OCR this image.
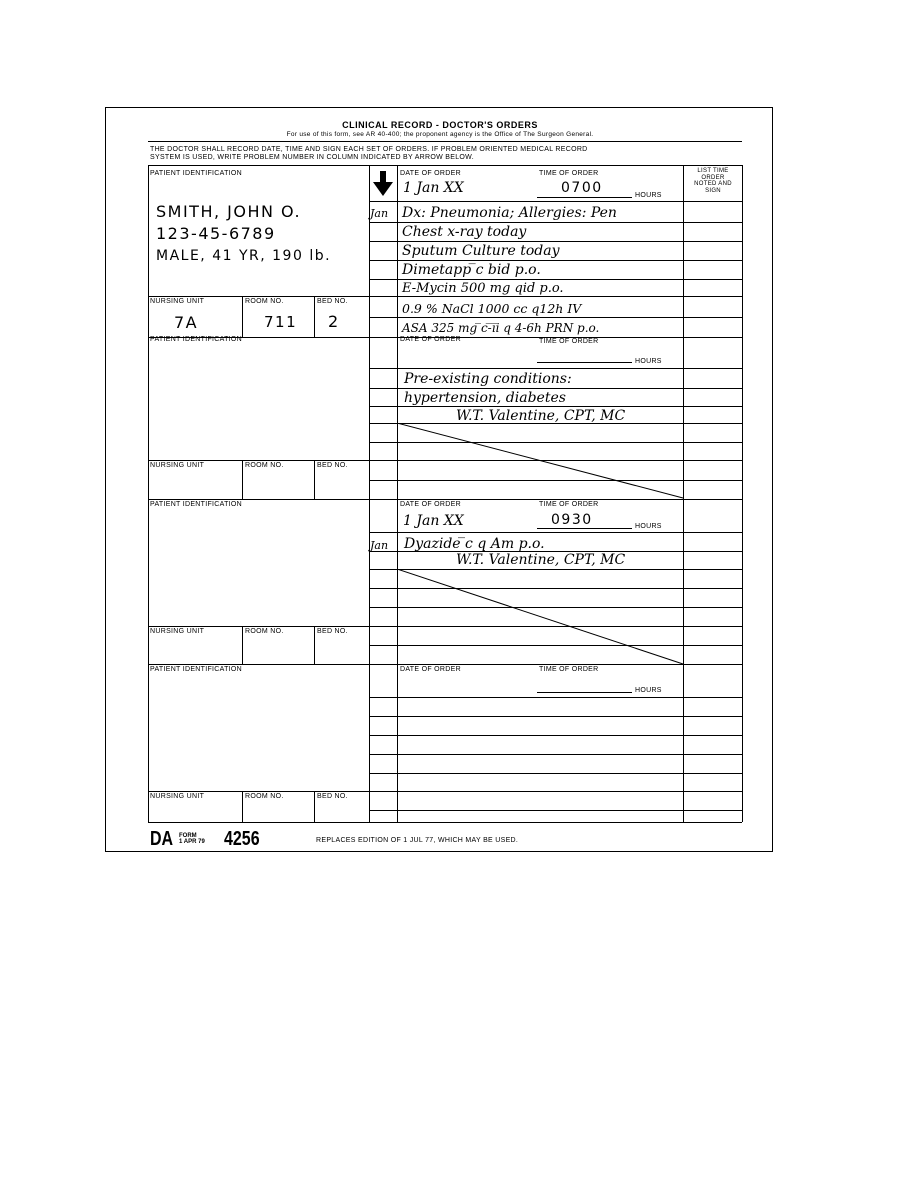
CLINICAL RECORD - DOCTOR'S ORDERS
For use of this form, see AR 40-400; the proponent agency is the Office of The Surgeon General.
THE DOCTOR SHALL RECORD DATE, TIME AND SIGN EACH SET OF ORDERS. IF PROBLEM ORIENTED MEDICAL RECORD
SYSTEM IS USED, WRITE PROBLEM NUMBER IN COLUMN INDICATED BY ARROW BELOW.
LIST TIME
ORDER
NOTED AND
SIGN
PATIENT IDENTIFICATION	DATE OF ORDER	TIME OF ORDER
1 Jan XX	0700	HOURS
SMITH, JOHN O.
123-45-6789
MALE, 41 YR, 190 lb.
Jan Dx: Pneumonia; Allergies: Pen
Chest x-ray today
Sputum Culture today
Dimetapp ̅c bid p.o.
E-Mycin 500 mg qid p.o.
0.9 % NaCl 1000 cc q12h IV
ASA 325 mg ̅c-̅i̅i q 4-6h PRN p.o.
NURSING UNIT	ROOM NO.	BED NO.
7A	711 2
PATIENT IDENTIFICATION	DATE OF ORDER	TIME OF ORDER
HOURS
Pre-existing conditions:
hypertension, diabetes
W.T. Valentine, CPT, MC
NURSING UNIT	ROOM NO.	BED NO.
PATIENT IDENTIFICATION	DATE OF ORDER	TIME OF ORDER
1 Jan XX	0930	HOURS
Jan Dyazide ̅c q Am p.o.
W.T. Valentine, CPT, MC
NURSING UNIT	ROOM NO.	BED NO.
PATIENT IDENTIFICATION	DATE OF ORDER	TIME OF ORDER
HOURS
NURSING UNIT	ROOM NO.	BED NO.
DA FORM
1 APR 79 4256	REPLACES EDITION OF 1 JUL 77, WHICH MAY BE USED.
